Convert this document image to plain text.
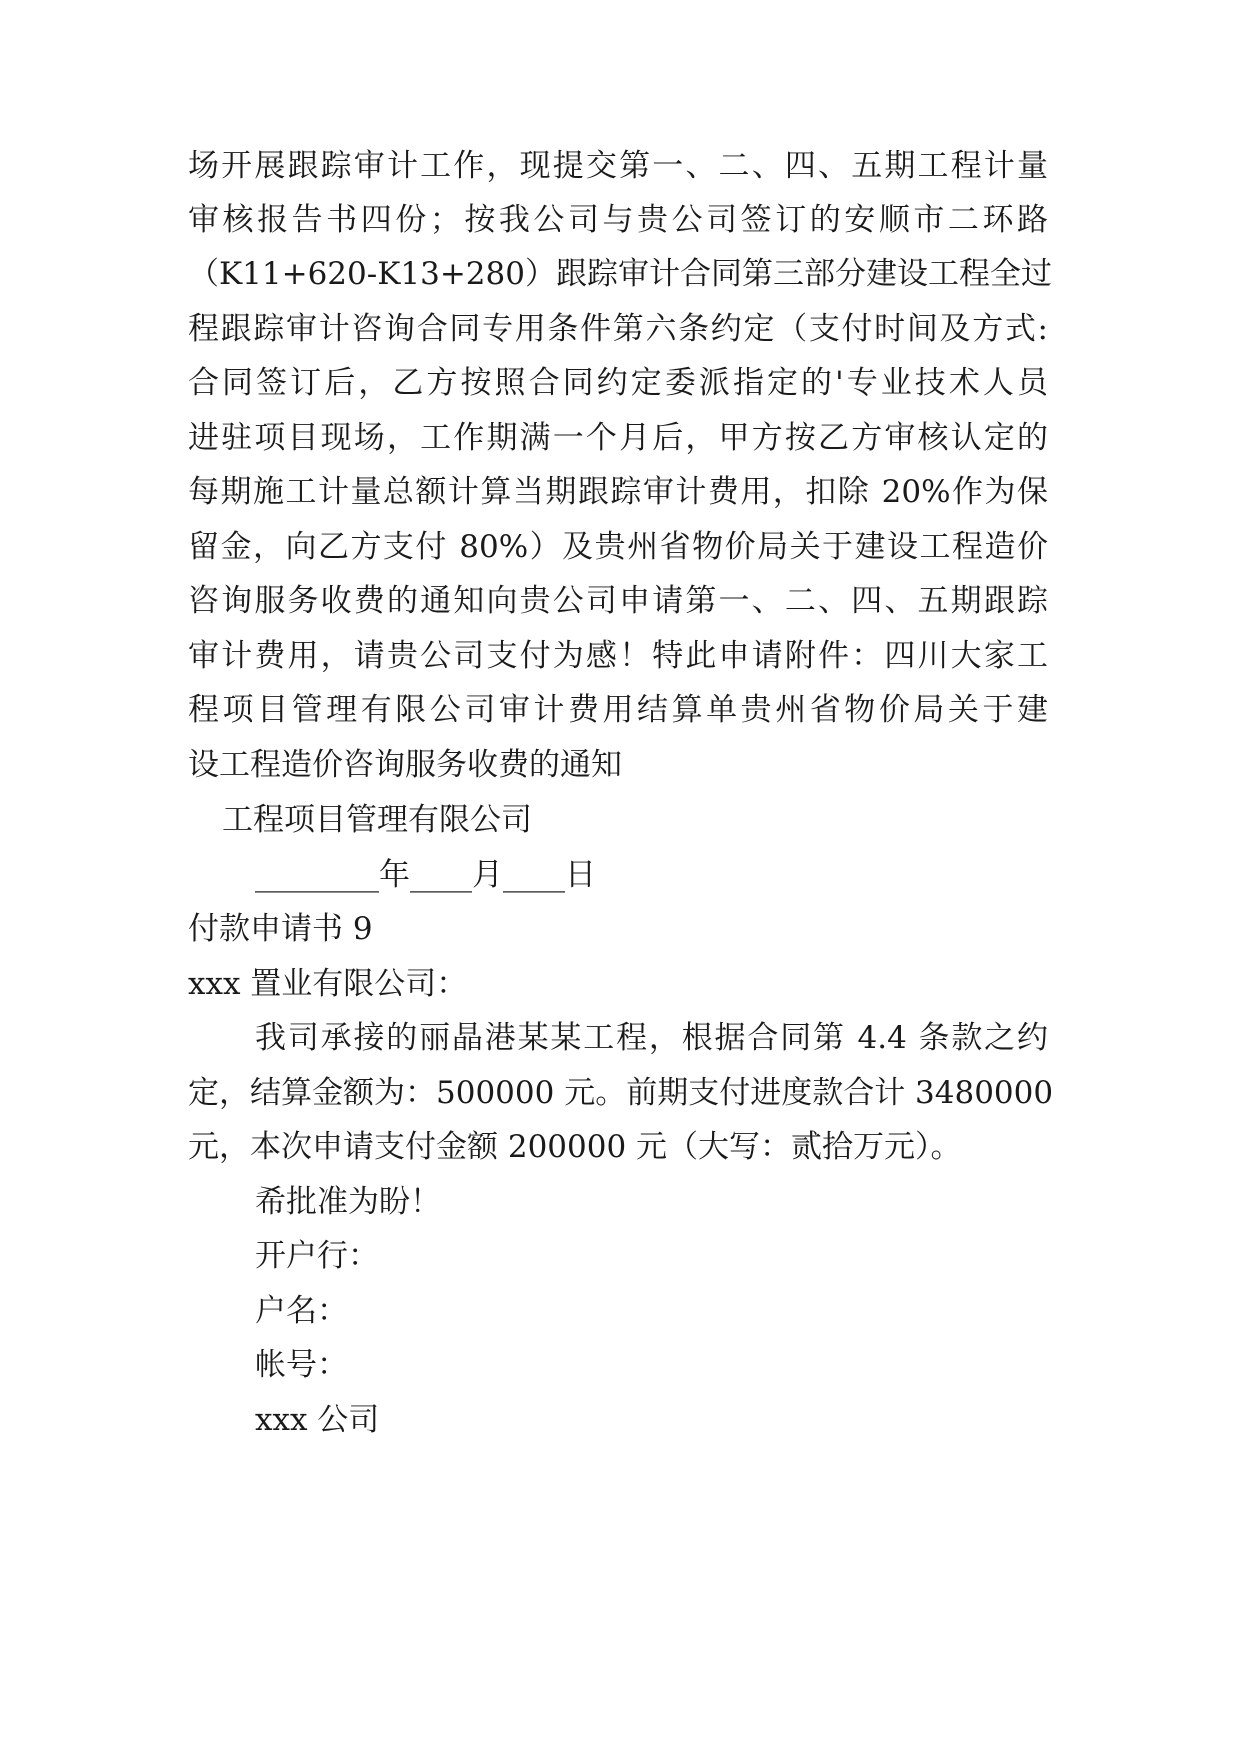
场开展跟踪审计工作，现提交第一、二、四、五期工程计量
审核报告书四份；按我公司与贵公司签订的安顺市二环路
（K11+620-K13+280）跟踪审计合同第三部分建设工程全过
程跟踪审计咨询合同专用条件第六条约定（支付时间及方式:
合同签订后，乙方按照合同约定委派指定的'专业技术人员
进驻项目现场，工作期满一个月后，甲方按乙方审核认定的
每期施工计量总额计算当期跟踪审计费用，扣除 20%作为保
留金，向乙方支付 80%）及贵州省物价局关于建设工程造价
咨询服务收费的通知向贵公司申请第一、二、四、五期跟踪
审计费用，请贵公司支付为感！特此申请附件：四川大家工
程项目管理有限公司审计费用结算单贵州省物价局关于建
设工程造价咨询服务收费的通知
工程项目管理有限公司
________年____月____日
付款申请书 9
xxx 置业有限公司：
我司承接的丽晶港某某工程，根据合同第 4.4 条款之约
定，结算金额为：500000 元。前期支付进度款合计 3480000
元，本次申请支付金额 200000 元（大写：贰拾万元）。
希批准为盼！
开户行：
户名：
帐号：
xxx 公司
